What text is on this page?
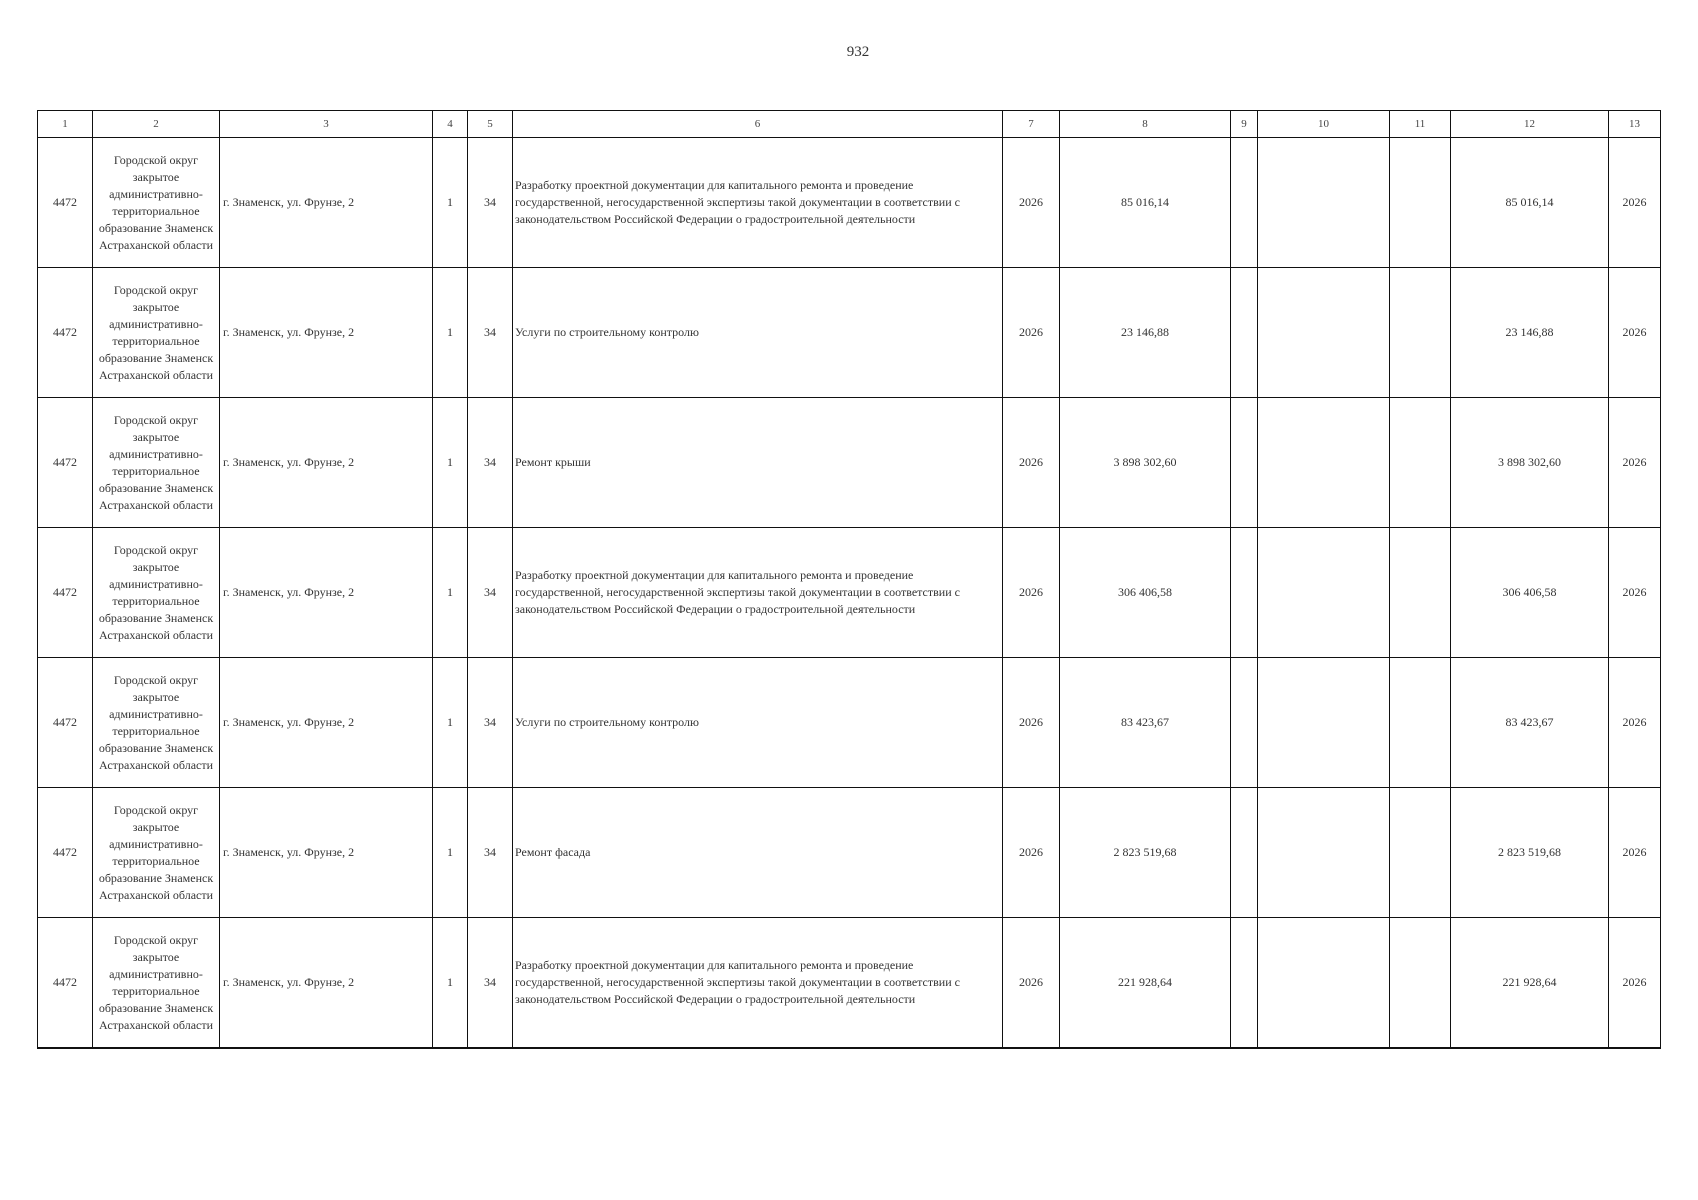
932
1	2	3	4	5	6	7	8	9	10	11	12	13
4472	Городской округ закрытое административно-территориальное образование Знаменск Астраханской области	г. Знаменск, ул. Фрунзе, 2	1	34	Разработку проектной документации для капитального ремонта и проведение государственной, негосударственной экспертизы такой документации в соответствии с законодательством Российской Федерации о градостроительной деятельности	2026	85 016,14				85 016,14	2026
4472	Городской округ закрытое административно-территориальное образование Знаменск Астраханской области	г. Знаменск, ул. Фрунзе, 2	1	34	Услуги по строительному контролю	2026	23 146,88				23 146,88	2026
4472	Городской округ закрытое административно-территориальное образование Знаменск Астраханской области	г. Знаменск, ул. Фрунзе, 2	1	34	Ремонт крыши	2026	3 898 302,60				3 898 302,60	2026
4472	Городской округ закрытое административно-территориальное образование Знаменск Астраханской области	г. Знаменск, ул. Фрунзе, 2	1	34	Разработку проектной документации для капитального ремонта и проведение государственной, негосударственной экспертизы такой документации в соответствии с законодательством Российской Федерации о градостроительной деятельности	2026	306 406,58				306 406,58	2026
4472	Городской округ закрытое административно-территориальное образование Знаменск Астраханской области	г. Знаменск, ул. Фрунзе, 2	1	34	Услуги по строительному контролю	2026	83 423,67				83 423,67	2026
4472	Городской округ закрытое административно-территориальное образование Знаменск Астраханской области	г. Знаменск, ул. Фрунзе, 2	1	34	Ремонт фасада	2026	2 823 519,68				2 823 519,68	2026
4472	Городской округ закрытое административно-территориальное образование Знаменск Астраханской области	г. Знаменск, ул. Фрунзе, 2	1	34	Разработку проектной документации для капитального ремонта и проведение государственной, негосударственной экспертизы такой документации в соответствии с законодательством Российской Федерации о градостроительной деятельности	2026	221 928,64				221 928,64	2026
